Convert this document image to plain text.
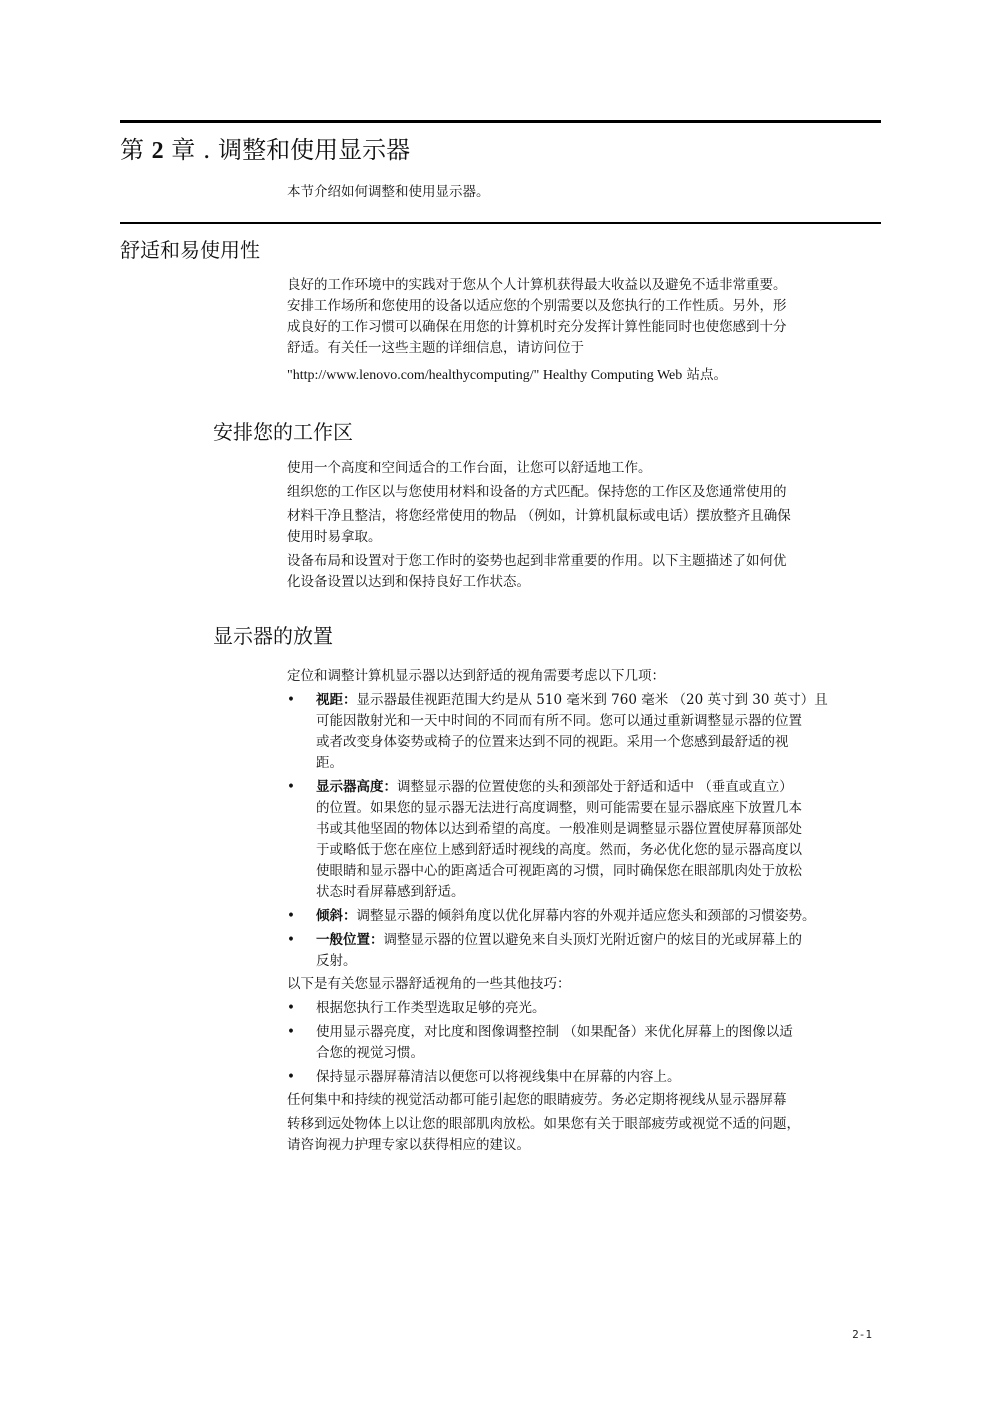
第 2 章 . 调整和使用显示器
本节介绍如何调整和使用显示器。
舒适和易使用性
良好的工作环境中的实践对于您从个人计算机获得最大收益以及避免不适非常重要。
安排工作场所和您使用的设备以适应您的个别需要以及您执行的工作性质。另外，形
成良好的工作习惯可以确保在用您的计算机时充分发挥计算性能同时也使您感到十分
舒适。有关任一这些主题的详细信息，请访问位于
"http://www.lenovo.com/healthycomputing/" Healthy Computing Web 站点。
安排您的工作区

使用一个高度和空间适合的工作台面，让您可以舒适地工作。

组织您的工作区以与您使用材料和设备的方式匹配。保持您的工作区及您通常使用的
材料干净且整洁，将您经常使用的物品 （例如，计算机鼠标或电话）摆放整齐且确保
使用时易拿取。

设备布局和设置对于您工作时的姿势也起到非常重要的作用。以下主题描述了如何优
化设备设置以达到和保持良好工作状态。

显示器的放置

定位和调整计算机显示器以达到舒适的视角需要考虑以下几项：

• 视距：显示器最佳视距范围大约是从 510 毫米到 760 毫米 （20 英寸到 30 英寸）且
可能因散射光和一天中时间的不同而有所不同。您可以通过重新调整显示器的位置
或者改变身体姿势或椅子的位置来达到不同的视距。采用一个您感到最舒适的视
距。
• 显示器高度：调整显示器的位置使您的头和颈部处于舒适和适中 （垂直或直立）
的位置。如果您的显示器无法进行高度调整，则可能需要在显示器底座下放置几本
书或其他坚固的物体以达到希望的高度。一般准则是调整显示器位置使屏幕顶部处
于或略低于您在座位上感到舒适时视线的高度。然而，务必优化您的显示器高度以
使眼睛和显示器中心的距离适合可视距离的习惯，同时确保您在眼部肌肉处于放松
状态时看屏幕感到舒适。
• 倾斜：调整显示器的倾斜角度以优化屏幕内容的外观并适应您头和颈部的习惯姿势。
• 一般位置：调整显示器的位置以避免来自头顶灯光附近窗户的炫目的光或屏幕上的
反射。

以下是有关您显示器舒适视角的一些其他技巧：

• 根据您执行工作类型选取足够的亮光。
• 使用显示器亮度，对比度和图像调整控制 （如果配备）来优化屏幕上的图像以适
合您的视觉习惯。
• 保持显示器屏幕清洁以便您可以将视线集中在屏幕的内容上。

任何集中和持续的视觉活动都可能引起您的眼睛疲劳。务必定期将视线从显示器屏幕
转移到远处物体上以让您的眼部肌肉放松。如果您有关于眼部疲劳或视觉不适的问题，
请咨询视力护理专家以获得相应的建议。

2-1
